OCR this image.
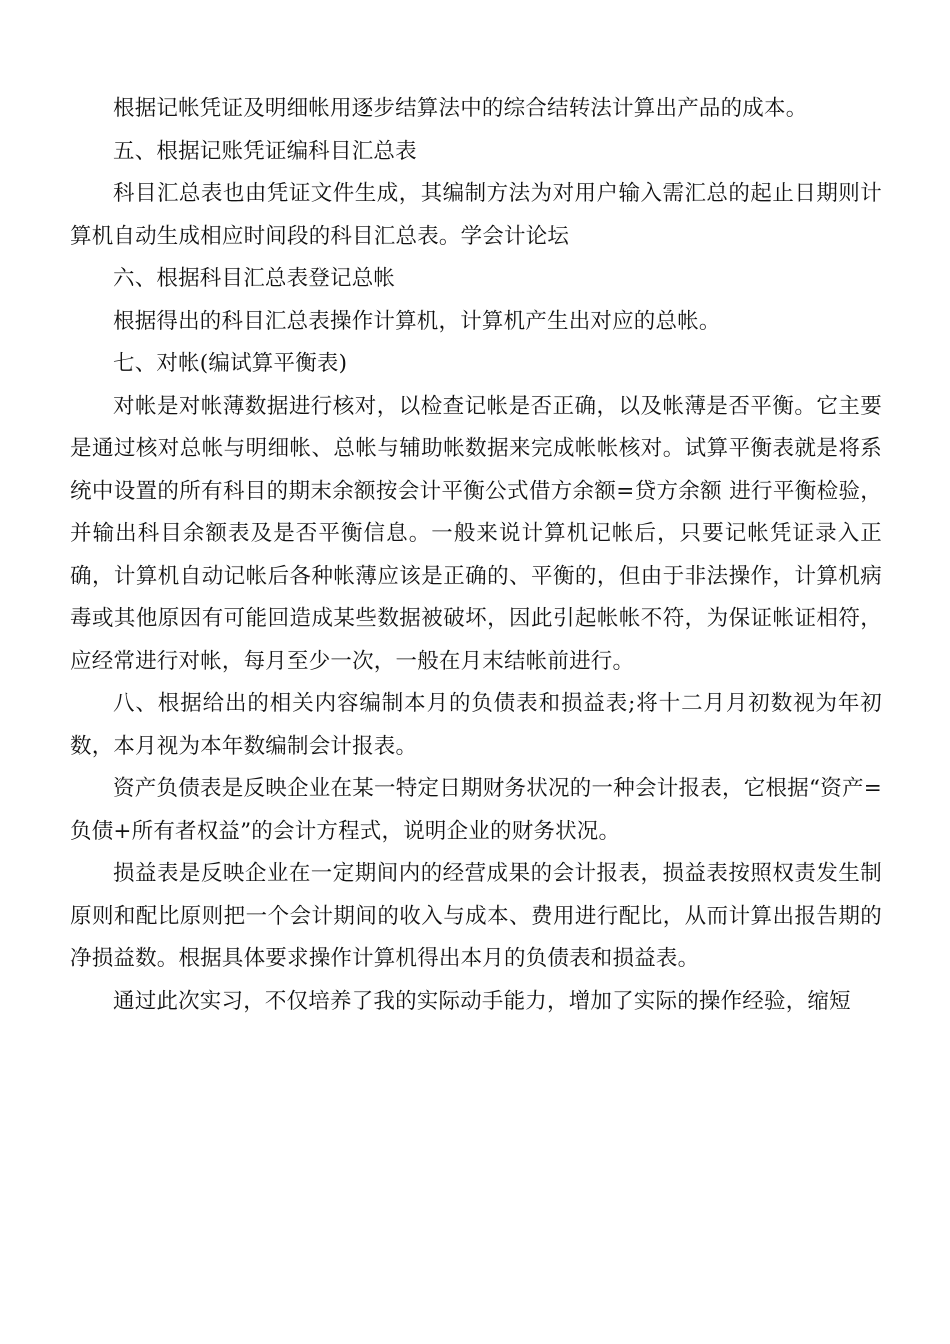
根据记帐凭证及明细帐用逐步结算法中的综合结转法计算出产品的成本。

五、根据记账凭证编科目汇总表

科目汇总表也由凭证文件生成，其编制方法为对用户输入需汇总的起止日期则计算机自动生成相应时间段的科目汇总表。学会计论坛

六、根据科目汇总表登记总帐

根据得出的科目汇总表操作计算机，计算机产生出对应的总帐。

七、对帐(编试算平衡表)

对帐是对帐薄数据进行核对，以检查记帐是否正确，以及帐薄是否平衡。它主要是通过核对总帐与明细帐、总帐与辅助帐数据来完成帐帐核对。试算平衡表就是将系统中设置的所有科目的期末余额按会计平衡公式借方余额=贷方余额 进行平衡检验，并输出科目余额表及是否平衡信息。一般来说计算机记帐后，只要记帐凭证录入正确，计算机自动记帐后各种帐薄应该是正确的、平衡的，但由于非法操作，计算机病毒或其他原因有可能回造成某些数据被破坏，因此引起帐帐不符，为保证帐证相符，应经常进行对帐，每月至少一次，一般在月末结帐前进行。

八、根据给出的相关内容编制本月的负债表和损益表;将十二月月初数视为年初数，本月视为本年数编制会计报表。

资产负债表是反映企业在某一特定日期财务状况的一种会计报表，它根据“资产=负债+所有者权益”的会计方程式，说明企业的财务状况。

损益表是反映企业在一定期间内的经营成果的会计报表，损益表按照权责发生制原则和配比原则把一个会计期间的收入与成本、费用进行配比，从而计算出报告期的净损益数。根据具体要求操作计算机得出本月的负债表和损益表。

通过此次实习，不仅培养了我的实际动手能力，增加了实际的操作经验，缩短
